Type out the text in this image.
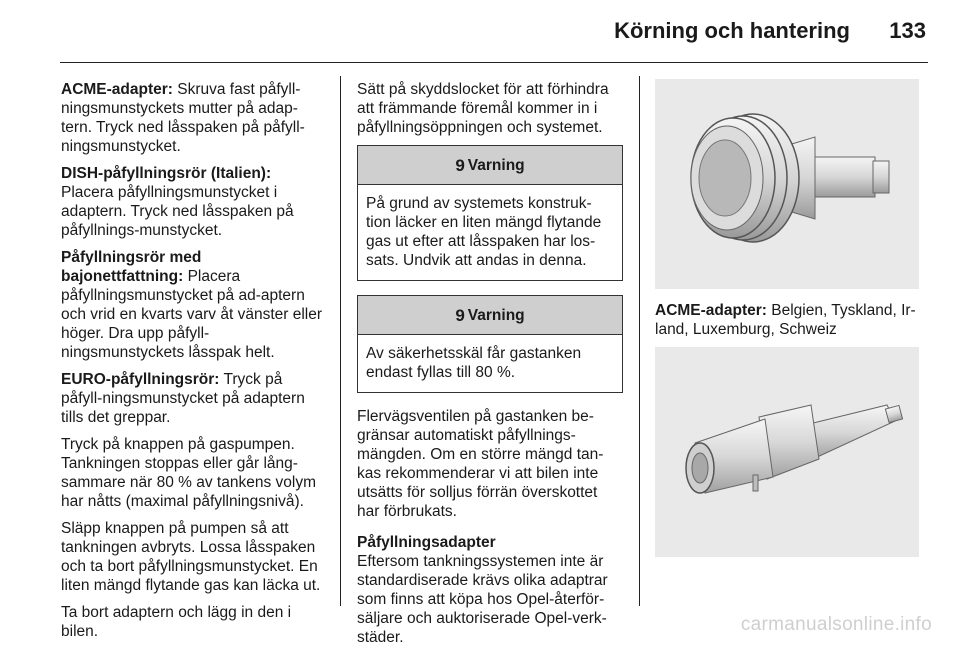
Körning och hantering	133

ACME-adapter: Skruva fast påfyll-ningsmunstyckets mutter på adap-tern. Tryck ned låsspaken på påfyll-ningsmunstycket.

DISH-påfyllningsrör (Italien): Placera påfyllningsmunstycket i adaptern. Tryck ned låsspaken på påfyllnings-munstycket.

Påfyllningsrör med bajonettfattning: Placera påfyllningsmunstycket på ad-aptern och vrid en kvarts varv åt vänster eller höger. Dra upp påfyll-ningsmunstyckets låsspak helt.

EURO-påfyllningsrör: Tryck på påfyll-ningsmunstycket på adaptern tills det greppar.

Tryck på knappen på gaspumpen. Tankningen stoppas eller går lång-sammare när 80 % av tankens volym har nåtts (maximal påfyllningsnivå).

Släpp knappen på pumpen så att tankningen avbryts. Lossa låsspaken och ta bort påfyllningsmunstycket. En liten mängd flytande gas kan läcka ut.

Ta bort adaptern och lägg in den i bilen.

Sätt på skyddslocket för att förhindra att främmande föremål kommer in i påfyllningsöppningen och systemet.

9 Varning
På grund av systemets konstruk-tion läcker en liten mängd flytande gas ut efter att låsspaken har los-sats. Undvik att andas in denna.
9 Varning
Av säkerhetsskäl får gastanken endast fyllas till 80 %.

Flervägsventilen på gastanken be-gränsar automatiskt påfyllnings-mängden. Om en större mängd tan-kas rekommenderar vi att bilen inte utsätts för solljus förrän överskottet har förbrukats.

Påfyllningsadapter
Eftersom tankningssystemen inte är standardiserade krävs olika adaptrar som finns att köpa hos Opel-återför-säljare och auktoriserade Opel-verk-städer.

ACME-adapter: Belgien, Tyskland, Ir-land, Luxemburg, Schweiz
carmanualsonline.info
